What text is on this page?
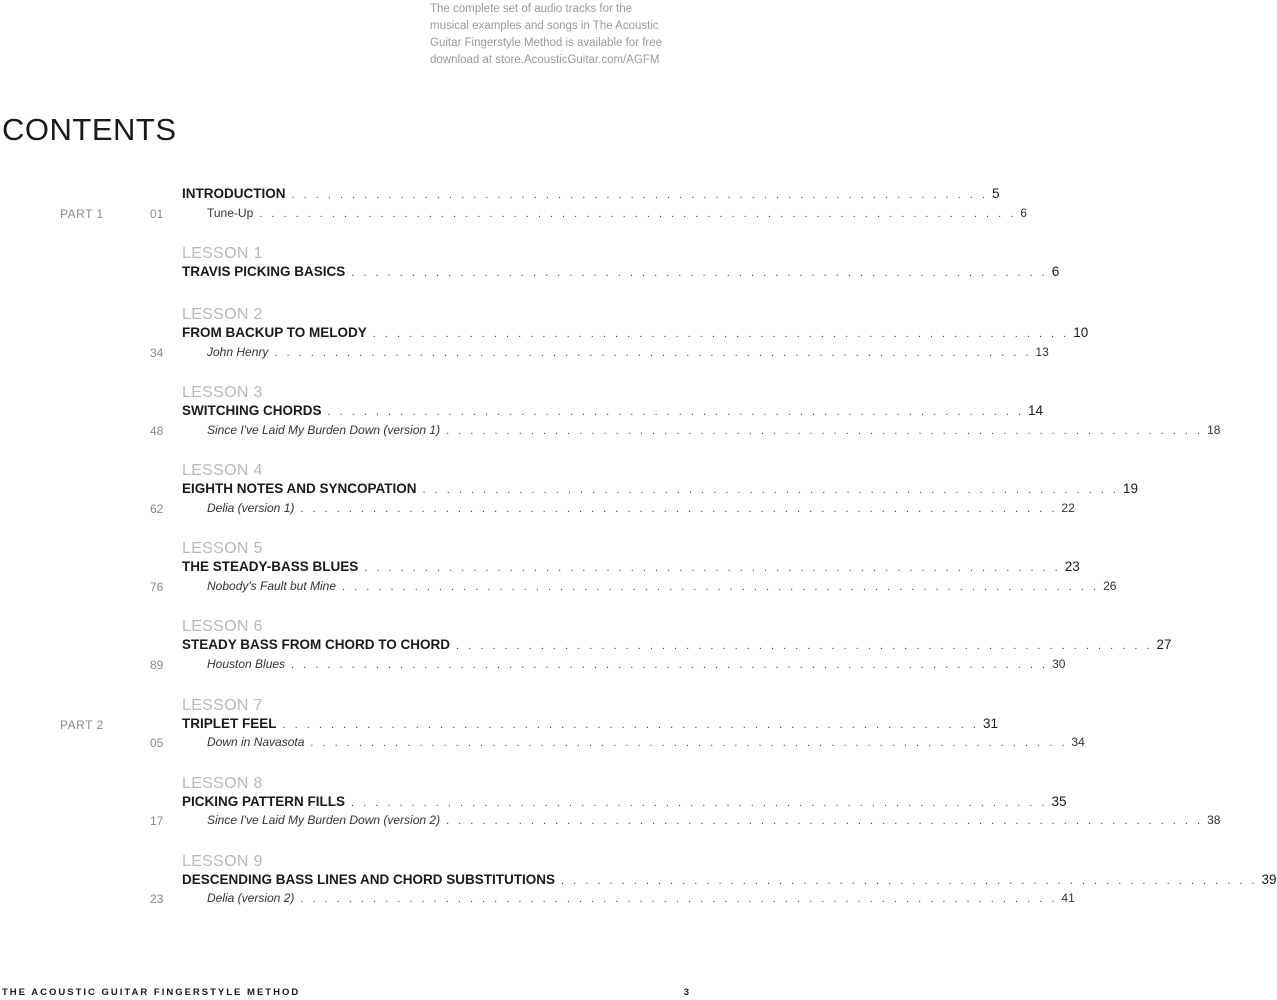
The complete set of audio tracks for the
musical examples and songs in The Acoustic
Guitar Fingerstyle Method is available for free
download at store.AcousticGuitar.com/AGFM
CONTENTS
INTRODUCTION . . . . . . . . . . . . . . . . . . . . . . . . . . . . . . . . . . . . . . . . . . . . . . . . . . . . . . . . . . 5
PART 1	01	Tune-Up . . . . . . . . . . . . . . . . . . . . . . . . . . . . . . . . . . . . . . . . . . . . . . . . . . . . . . . . . . . . . . . 6
LESSON 1
TRAVIS PICKING BASICS . . . . . . . . . . . . . . . . . . . . . . . . . . . . . . . . . . . . . . . . . . . . . . . . . . . . . . . . . . 6
LESSON 2
FROM BACKUP TO MELODY . . . . . . . . . . . . . . . . . . . . . . . . . . . . . . . . . . . . . . . . . . . . . . . . . . . . . . . . . . 10
34	John Henry . . . . . . . . . . . . . . . . . . . . . . . . . . . . . . . . . . . . . . . . . . . . . . . . . . . . . . . . . . . . . . . 13
LESSON 3
SWITCHING CHORDS . . . . . . . . . . . . . . . . . . . . . . . . . . . . . . . . . . . . . . . . . . . . . . . . . . . . . . . . . . 14
48	Since I've Laid My Burden Down (version 1) . . . . . . . . . . . . . . . . . . . . . . . . . . . . . . . . . . . . . . . . . . . . . . . . . . . . . . . . . . . . . . . 18
LESSON 4
EIGHTH NOTES AND SYNCOPATION . . . . . . . . . . . . . . . . . . . . . . . . . . . . . . . . . . . . . . . . . . . . . . . . . . . . . . . . . . 19
62	Delia (version 1) . . . . . . . . . . . . . . . . . . . . . . . . . . . . . . . . . . . . . . . . . . . . . . . . . . . . . . . . . . . . . . . 22
LESSON 5
THE STEADY-BASS BLUES . . . . . . . . . . . . . . . . . . . . . . . . . . . . . . . . . . . . . . . . . . . . . . . . . . . . . . . . . . 23
76	Nobody's Fault but Mine . . . . . . . . . . . . . . . . . . . . . . . . . . . . . . . . . . . . . . . . . . . . . . . . . . . . . . . . . . . . . . . 26
LESSON 6
STEADY BASS FROM CHORD TO CHORD . . . . . . . . . . . . . . . . . . . . . . . . . . . . . . . . . . . . . . . . . . . . . . . . . . . . . . . . . . 27
89	Houston Blues . . . . . . . . . . . . . . . . . . . . . . . . . . . . . . . . . . . . . . . . . . . . . . . . . . . . . . . . . . . . . . . 30
LESSON 7
PART 2	TRIPLET FEEL . . . . . . . . . . . . . . . . . . . . . . . . . . . . . . . . . . . . . . . . . . . . . . . . . . . . . . . . . . 31
05	Down in Navasota . . . . . . . . . . . . . . . . . . . . . . . . . . . . . . . . . . . . . . . . . . . . . . . . . . . . . . . . . . . . . . . 34
LESSON 8
PICKING PATTERN FILLS . . . . . . . . . . . . . . . . . . . . . . . . . . . . . . . . . . . . . . . . . . . . . . . . . . . . . . . . . . 35
17	Since I've Laid My Burden Down (version 2) . . . . . . . . . . . . . . . . . . . . . . . . . . . . . . . . . . . . . . . . . . . . . . . . . . . . . . . . . . . . . . . 38
LESSON 9
DESCENDING BASS LINES AND CHORD SUBSTITUTIONS . . . . . . . . . . . . . . . . . . . . . . . . . . . . . . . . . . . . . . . . . . . . . . . . . . . . . . . . . . 39
23	Delia (version 2) . . . . . . . . . . . . . . . . . . . . . . . . . . . . . . . . . . . . . . . . . . . . . . . . . . . . . . . . . . . . . . . 41
THE ACOUSTIC GUITAR FINGERSTYLE METHOD	3
